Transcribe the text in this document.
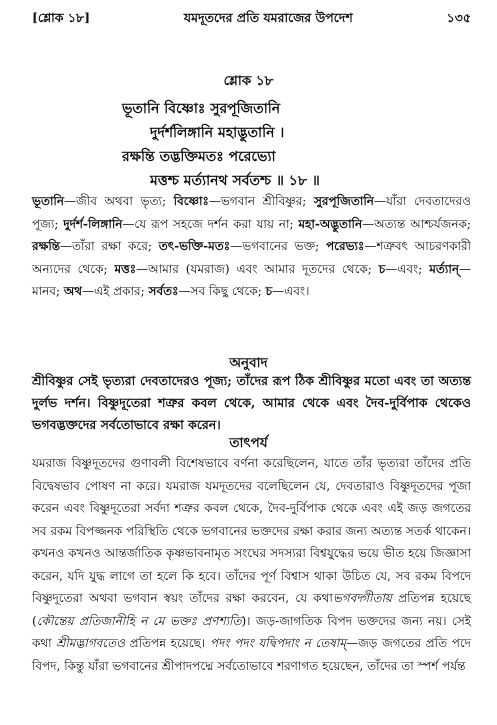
[শ্লোক ১৮]	যমদূতদের প্রতি যমরাজের উপদেশ	১৩৫
শ্লোক ১৮
ভূতানি বিষ্ণোঃ সুরপূজিতানি
দুর্দর্শলিঙ্গানি মহাদ্ভুতানি ।
রক্ষন্তি তদ্ভক্তিমতঃ পরেভ্যো
মত্তশ্চ মর্ত্যানথ সর্বতশ্চ ॥ ১৮ ॥
ভূতানি—জীব অথবা ভৃত্য; বিষ্ণোঃ—ভগবান শ্রীবিষ্ণুর; সুরপূজিতানি—যাঁরা দেবতাদেরও পূজ্য; দুর্দর্শ-লিঙ্গানি—যে রূপ সহজে দর্শন করা যায় না; মহা-অদ্ভুতানি—অত্যন্ত আশ্চর্যজনক; রক্ষন্তি—তাঁরা রক্ষা করে; তৎ-ভক্তি-মতঃ—ভগবানের ভক্ত; পরেভ্যঃ—শত্রুবৎ আচরণকারী অন্যদের থেকে; মত্তঃ—আমার (যমরাজ) এবং আমার দূতদের থেকে; চ—এবং; মর্ত্যান্—মানব; অথ—এই প্রকার; সর্বতঃ—সব কিছু থেকে; চ—এবং।
অনুবাদ
শ্রীবিষ্ণুর সেই ভৃত্যরা দেবতাদেরও পূজ্য; তাঁদের রূপ ঠিক শ্রীবিষ্ণুর মতো এবং তা অত্যন্ত দুর্লভ দর্শন। বিষ্ণুদূতেরা শত্রুর কবল থেকে, আমার থেকে এবং দৈব-দুর্বিপাক থেকেও ভগবদ্ভক্তদের সর্বতোভাবে রক্ষা করেন।
তাৎপর্য
যমরাজ বিষ্ণুদূতদের গুণাবলী বিশেষভাবে বর্ণনা করেছিলেন, যাতে তাঁর ভৃত্যরা তাঁদের প্রতি বিদ্বেষভাব পোষণ না করে। যমরাজ যমদূতদের বলেছিলেন যে, দেবতারাও বিষ্ণুদূতদের পূজা করেন এবং বিষ্ণুদূতেরা সর্বদা শত্রুর কবল থেকে, দৈব-দুর্বিপাক থেকে এবং এই জড় জগতের সব রকম বিপজ্জনক পরিস্থিতি থেকে ভগবানের ভক্তদের রক্ষা করার জন্য অত্যন্ত সতর্ক থাকেন। কখনও কখনও আন্তর্জাতিক কৃষ্ণভাবনামৃত সংঘের সদস্যরা বিশ্বযুদ্ধের ভয়ে ভীত হয়ে জিজ্ঞাসা করেন, যদি যুদ্ধ লাগে তা হলে কি হবে। তাঁদের পূর্ণ বিশ্বাস থাকা উচিত যে, সব রকম বিপদে বিষ্ণুদূতেরা অথবা ভগবান স্বয়ং তাঁদের রক্ষা করবেন, যে কথাভগবদ্গীতায় প্রতিপন্ন হয়েছে (কৌন্তেয় প্রতিজানীহি ন মে ভক্তঃ প্রণশ্যতি)। জড়-জাগতিক বিপদ ভক্তদের জন্য নয়। সেই কথা শ্রীমদ্ভাগবতেও প্রতিপন্ন হয়েছে। পদং পদং যদ্বিপদাং ন তেষাম্—জড় জগতের প্রতি পদে বিপদ, কিন্তু যাঁরা ভগবানের শ্রীপাদপদ্মে সর্বতোভাবে শরণাগত হয়েছেন, তাঁদের তা স্পর্শ পর্যন্ত
